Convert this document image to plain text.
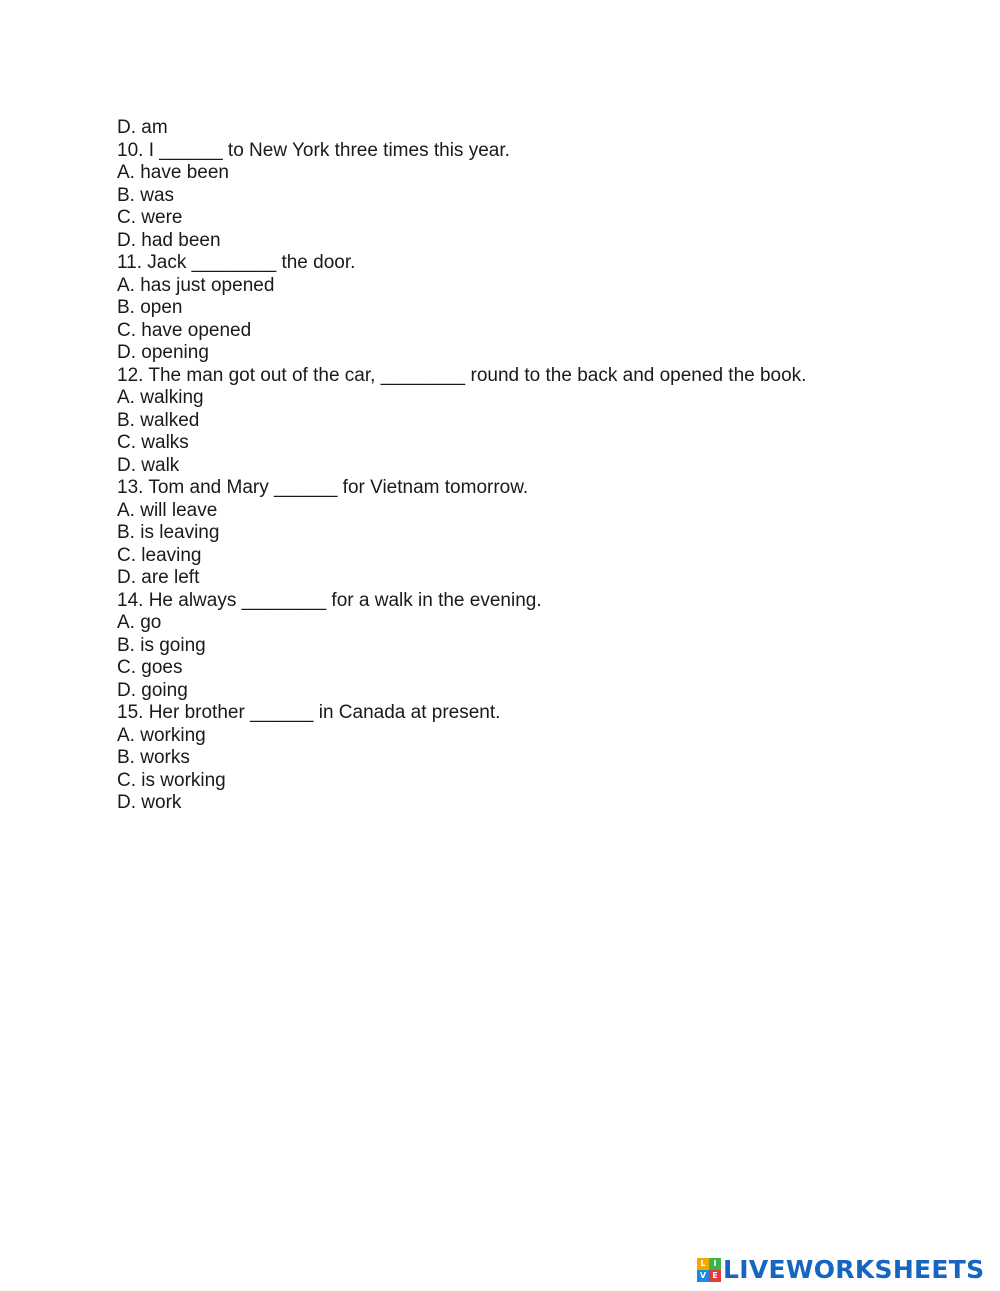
D. am
10. I ______ to New York three times this year.
A. have been
B. was
C. were
D. had been
11. Jack ________ the door.
A. has just opened
B. open
C. have opened
D. opening
12. The man got out of the car, ________ round to the back and opened the book.
A. walking
B. walked
C. walks
D. walk
13. Tom and Mary ______ for Vietnam tomorrow.
A. will leave
B. is leaving
C. leaving
D. are left
14. He always ________ for a walk in the evening.
A. go
B. is going
C. goes
D. going
15. Her brother ______ in Canada at present.
A. working
B. works
C. is working
D. work
L I
V E LIVEWORKSHEETS
